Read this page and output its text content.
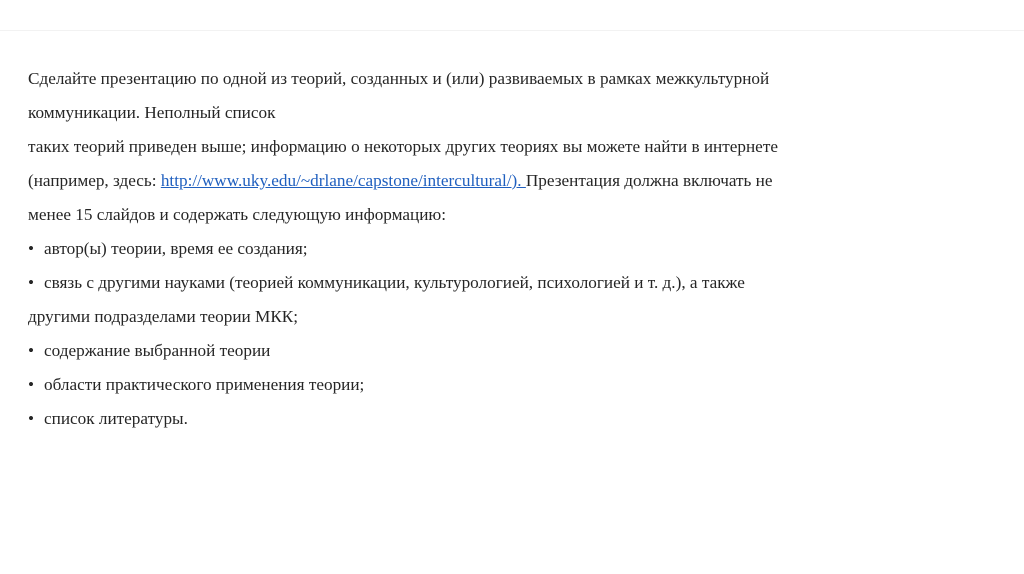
Сделайте презентацию по одной из теорий, созданных и (или) развиваемых в рамках межкультурной
коммуникации. Неполный список
таких теорий приведен выше; информацию о некоторых других теориях вы можете найти в интернете
(например, здесь: http://www.uky.edu/~drlane/capstone/intercultural/). Презентация должна включать не
менее 15 слайдов и содержать следующую информацию:
• автор(ы) теории, время ее создания;
• связь с другими науками (теорией коммуникации, культурологией, психологией и т. д.), а также
другими подразделами теории МКК;
• содержание выбранной теории
• области практического применения теории;
• список литературы.
